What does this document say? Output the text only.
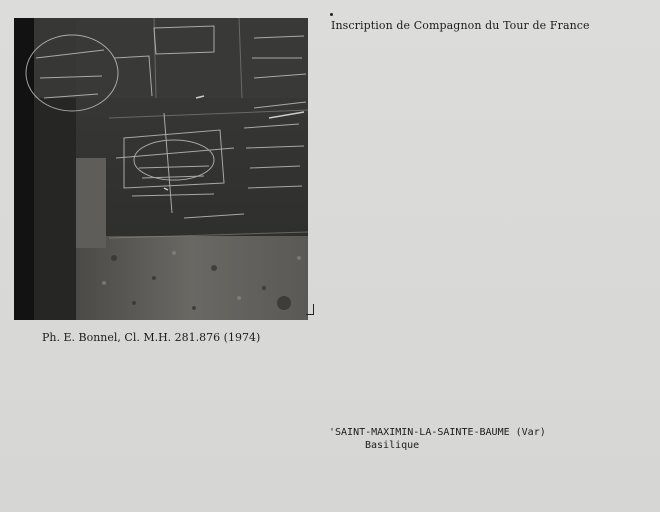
Inscription de Compagnon du Tour de France
Ph. E. Bonnel, Cl. M.H. 281.876 (1974)
'SAINT-MAXIMIN-LA-SAINTE-BAUME (Var)
Basilique
